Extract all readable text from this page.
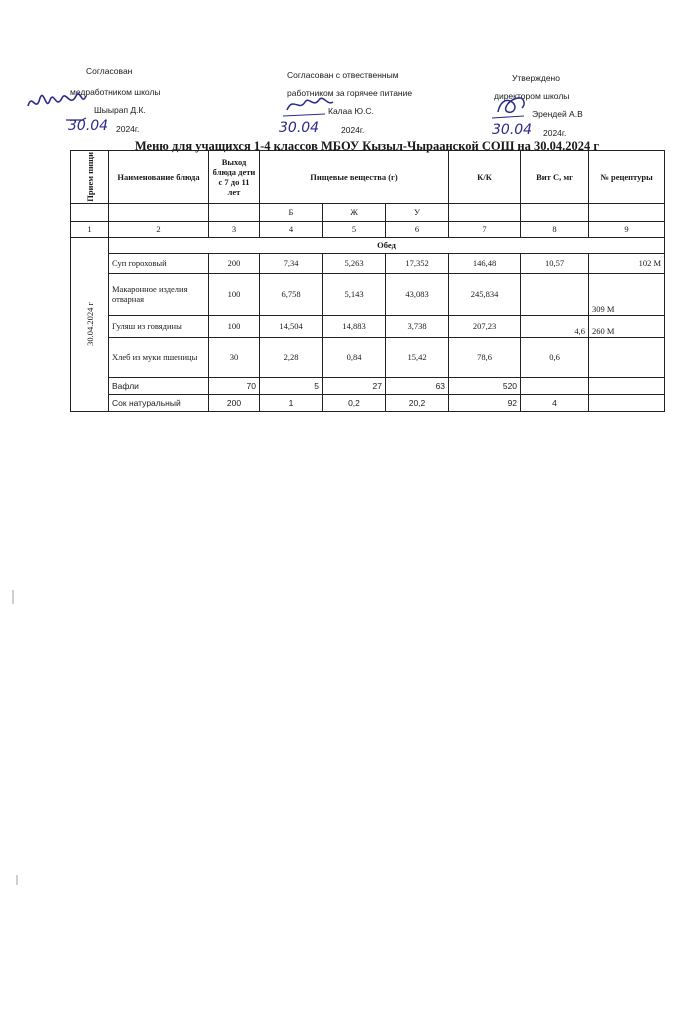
Согласован
медработником школы
Шыырап Д.К.
2024г.
30.04
Согласован с отвественным
работником за горячее питание
Калаа Ю.С.
2024г.
30.04
Утверждено
директором школы
Эрендей А.В
2024г.
30.04
Меню для учащихся 1-4 классов МБОУ Кызыл-Чыраанской СОШ на 30.04.2024 г
Прием пищи	Наименование блюда	Выход блюда дети с 7 до 11 лет	Пищевые вещества (г)			К/К	Вит С, мг	№ рецептуры

			Б	Ж	У			
1	2	3	4	5	6	7	8	9

30.04.2024 г	Обед							
	Суп гороховый	200	7,34	5,263	17,352	146,48	10,57	102 М
	Макаронное изделия отварная	100	6,758	5,143	43,083	245,834		309 М
	Гуляш из говядины	100	14,504	14,883	3,738	207,23	4,6	260 М
	Хлеб из муки пшеницы	30	2,28	0,84	15,42	78,6	0,6	
	Вафли	70	5	27	63	520		
	Сок натуральный	200	1	0,2	20,2	92	4	
